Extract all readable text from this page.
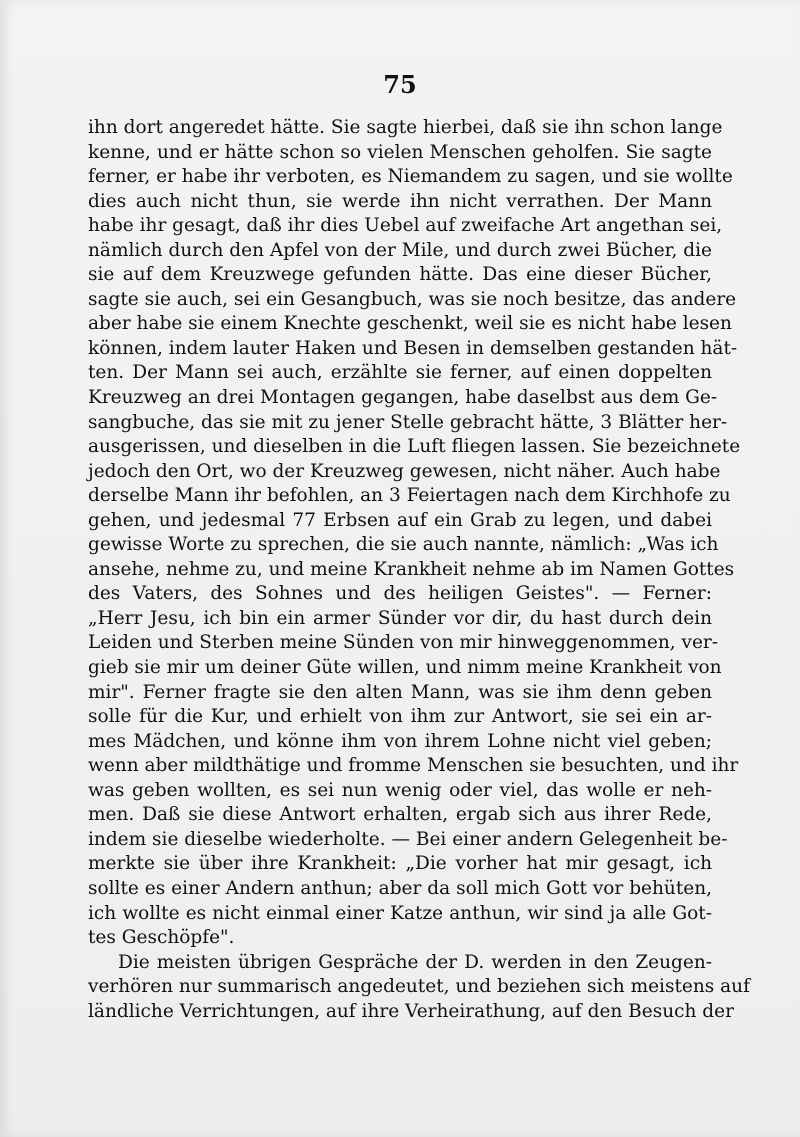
75
ihn dort angeredet hätte. Sie sagte hierbei, daß sie ihn schon lange
kenne, und er hätte schon so vielen Menschen geholfen. Sie sagte
ferner, er habe ihr verboten, es Niemandem zu sagen, und sie wollte
dies auch nicht thun, sie werde ihn nicht verrathen. Der Mann
habe ihr gesagt, daß ihr dies Uebel auf zweifache Art angethan sei,
nämlich durch den Apfel von der Mile, und durch zwei Bücher, die
sie auf dem Kreuzwege gefunden hätte. Das eine dieser Bücher,
sagte sie auch, sei ein Gesangbuch, was sie noch besitze, das andere
aber habe sie einem Knechte geschenkt, weil sie es nicht habe lesen
können, indem lauter Haken und Besen in demselben gestanden hät-
ten. Der Mann sei auch, erzählte sie ferner, auf einen doppelten
Kreuzweg an drei Montagen gegangen, habe daselbst aus dem Ge-
sangbuche, das sie mit zu jener Stelle gebracht hätte, 3 Blätter her-
ausgerissen, und dieselben in die Luft fliegen lassen. Sie bezeichnete
jedoch den Ort, wo der Kreuzweg gewesen, nicht näher. Auch habe
derselbe Mann ihr befohlen, an 3 Feiertagen nach dem Kirchhofe zu
gehen, und jedesmal 77 Erbsen auf ein Grab zu legen, und dabei
gewisse Worte zu sprechen, die sie auch nannte, nämlich: „Was ich
ansehe, nehme zu, und meine Krankheit nehme ab im Namen Gottes
des Vaters, des Sohnes und des heiligen Geistes". — Ferner:
„Herr Jesu, ich bin ein armer Sünder vor dir, du hast durch dein
Leiden und Sterben meine Sünden von mir hinweggenommen, ver-
gieb sie mir um deiner Güte willen, und nimm meine Krankheit von
mir". Ferner fragte sie den alten Mann, was sie ihm denn geben
solle für die Kur, und erhielt von ihm zur Antwort, sie sei ein ar-
mes Mädchen, und könne ihm von ihrem Lohne nicht viel geben;
wenn aber mildthätige und fromme Menschen sie besuchten, und ihr
was geben wollten, es sei nun wenig oder viel, das wolle er neh-
men. Daß sie diese Antwort erhalten, ergab sich aus ihrer Rede,
indem sie dieselbe wiederholte. — Bei einer andern Gelegenheit be-
merkte sie über ihre Krankheit: „Die vorher hat mir gesagt, ich
sollte es einer Andern anthun; aber da soll mich Gott vor behüten,
ich wollte es nicht einmal einer Katze anthun, wir sind ja alle Got-
tes Geschöpfe".
Die meisten übrigen Gespräche der D. werden in den Zeugen-
verhören nur summarisch angedeutet, und beziehen sich meistens auf
ländliche Verrichtungen, auf ihre Verheirathung, auf den Besuch der
